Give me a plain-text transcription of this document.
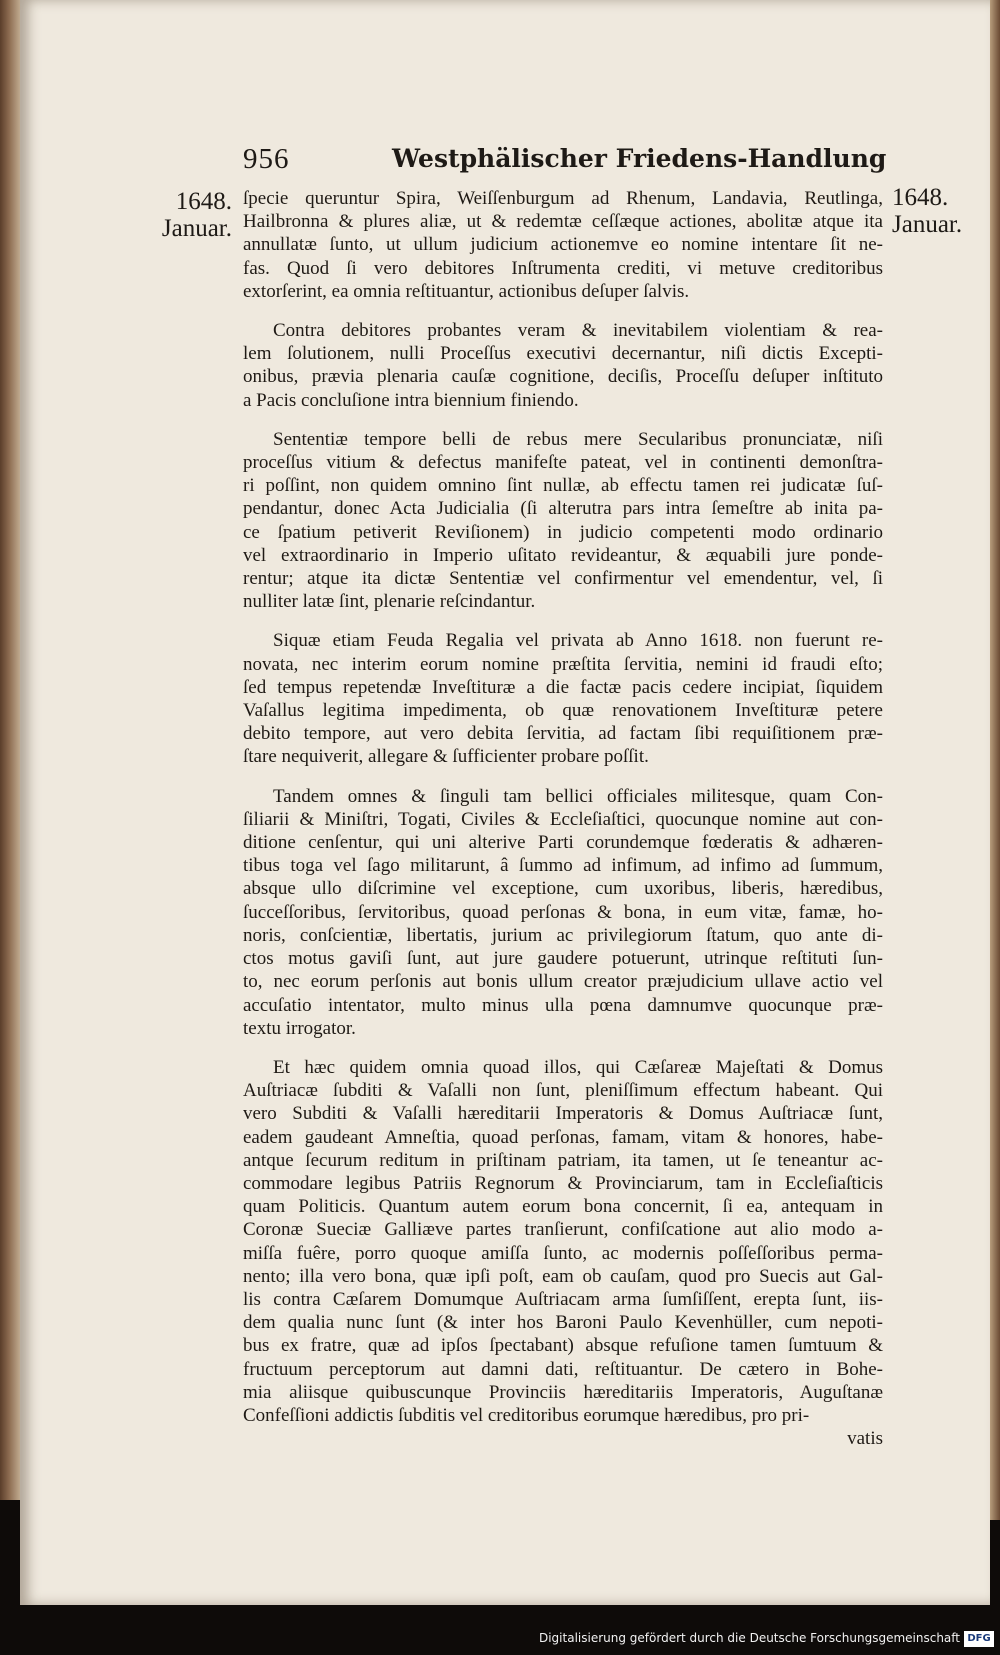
956	Westphälischer Friedens-Handlung
1648.
Januar.
1648.
Januar.
ſpecie queruntur Spira, Weiſſenburgum ad Rhenum, Landavia, Reutlinga,
Hailbronna & plures aliæ, ut & redemtæ ceſſæque actiones, abolitæ atque ita
annullatæ ſunto, ut ullum judicium actionemve eo nomine intentare ſit ne-
fas. Quod ſi vero debitores Inſtrumenta crediti, vi metuve creditoribus
extorſerint, ea omnia reſtituantur, actionibus deſuper ſalvis.
Contra debitores probantes veram & inevitabilem violentiam & rea-
lem ſolutionem, nulli Proceſſus executivi decernantur, niſi dictis Excepti-
onibus, prævia plenaria cauſæ cognitione, deciſis, Proceſſu deſuper inſtituto
a Pacis concluſione intra biennium finiendo.
Sententiæ tempore belli de rebus mere Secularibus pronunciatæ, niſi
proceſſus vitium & defectus manifeſte pateat, vel in continenti demonſtra-
ri poſſint, non quidem omnino ſint nullæ, ab effectu tamen rei judicatæ ſuſ-
pendantur, donec Acta Judicialia (ſi alterutra pars intra ſemeſtre ab inita pa-
ce ſpatium petiverit Reviſionem) in judicio competenti modo ordinario
vel extraordinario in Imperio uſitato revideantur, & æquabili jure ponde-
rentur; atque ita dictæ Sententiæ vel confirmentur vel emendentur, vel, ſi
nulliter latæ ſint, plenarie reſcindantur.
Siquæ etiam Feuda Regalia vel privata ab Anno 1618. non fuerunt re-
novata, nec interim eorum nomine præſtita ſervitia, nemini id fraudi eſto;
ſed tempus repetendæ Inveſtituræ a die factæ pacis cedere incipiat, ſiquidem
Vaſallus legitima impedimenta, ob quæ renovationem Inveſtituræ petere
debito tempore, aut vero debita ſervitia, ad factam ſibi requiſitionem præ-
ſtare nequiverit, allegare & ſufficienter probare poſſit.
Tandem omnes & ſinguli tam bellici officiales militesque, quam Con-
ſiliarii & Miniſtri, Togati, Civiles & Eccleſiaſtici, quocunque nomine aut con-
ditione cenſentur, qui uni alterive Parti corundemque fœderatis & adhæren-
tibus toga vel ſago militarunt, â ſummo ad infimum, ad infimo ad ſummum,
absque ullo diſcrimine vel exceptione, cum uxoribus, liberis, hæredibus,
ſucceſſoribus, ſervitoribus, quoad perſonas & bona, in eum vitæ, famæ, ho-
noris, conſcientiæ, libertatis, jurium ac privilegiorum ſtatum, quo ante di-
ctos motus gaviſi ſunt, aut jure gaudere potuerunt, utrinque reſtituti ſun-
to, nec eorum perſonis aut bonis ullum creator præjudicium ullave actio vel
accuſatio intentator, multo minus ulla pœna damnumve quocunque præ-
textu irrogator.
Et hæc quidem omnia quoad illos, qui Cæſareæ Majeſtati & Domus
Auſtriacæ ſubditi & Vaſalli non ſunt, pleniſſimum effectum habeant. Qui
vero Subditi & Vaſalli hæreditarii Imperatoris & Domus Auſtriacæ ſunt,
eadem gaudeant Amneſtia, quoad perſonas, famam, vitam & honores, habe-
antque ſecurum reditum in priſtinam patriam, ita tamen, ut ſe teneantur ac-
commodare legibus Patriis Regnorum & Provinciarum, tam in Eccleſiaſticis
quam Politicis. Quantum autem eorum bona concernit, ſi ea, antequam in
Coronæ Sueciæ Galliæve partes tranſierunt, confiſcatione aut alio modo a-
miſſa fuêre, porro quoque amiſſa ſunto, ac modernis poſſeſſoribus perma-
nento; illa vero bona, quæ ipſi poſt, eam ob cauſam, quod pro Suecis aut Gal-
lis contra Cæſarem Domumque Auſtriacam arma ſumſiſſent, erepta ſunt, iis-
dem qualia nunc ſunt (& inter hos Baroni Paulo Kevenhüller, cum nepoti-
bus ex fratre, quæ ad ipſos ſpectabant) absque refuſione tamen ſumtuum &
fructuum perceptorum aut damni dati, reſtituantur. De cætero in Bohe-
mia aliisque quibuscunque Provinciis hæreditariis Imperatoris, Auguſtanæ
Confeſſioni addictis ſubditis vel creditoribus eorumque hæredibus, pro pri-
vatis
Digitalisierung gefördert durch die Deutsche Forschungsgemeinschaft DFG
